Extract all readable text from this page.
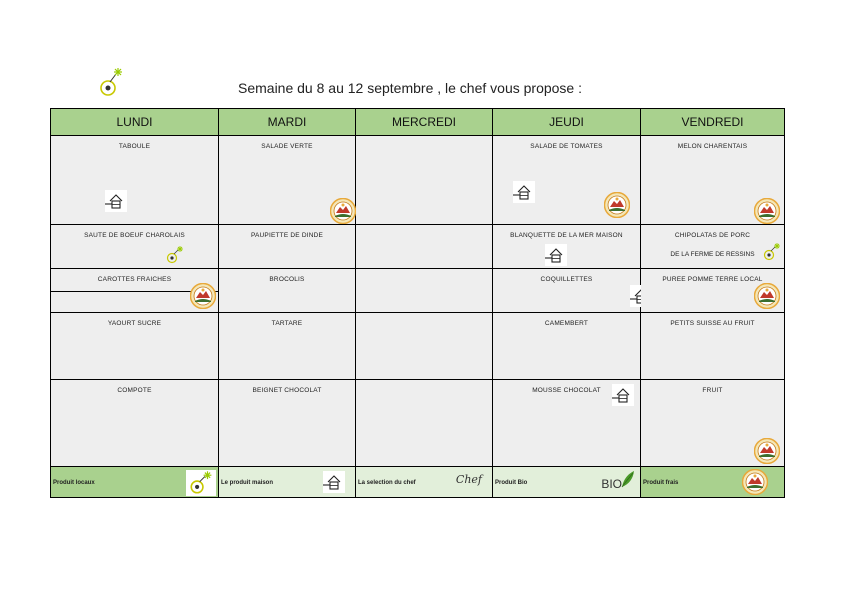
Semaine du 8 au 12 septembre , le chef vous propose :
LUNDI	MARDI	MERCREDI	JEUDI	VENDREDI

TABOULE	SALADE VERTE		SALADE DE TOMATES	MELON CHARENTAIS

SAUTE DE BOEUF CHAROLAIS	PAUPIETTE DE DINDE		BLANQUETTE DE LA MER MAISON	CHIPOLATAS DE PORC
DE LA FERME DE RESSINS

CAROTTES FRAICHES	BROCOLIS		COQUILLETTES	PUREE POMME TERRE LOCAL

YAOURT SUCRE	TARTARE		CAMEMBERT	PETITS SUISSE AU FRUIT

COMPOTE	BEIGNET CHOCOLAT		MOUSSE CHOCOLAT	FRUIT

Produit locaux	Le produit maison	La selection du chef Chef	Produit Bio BIO	Produit frais
